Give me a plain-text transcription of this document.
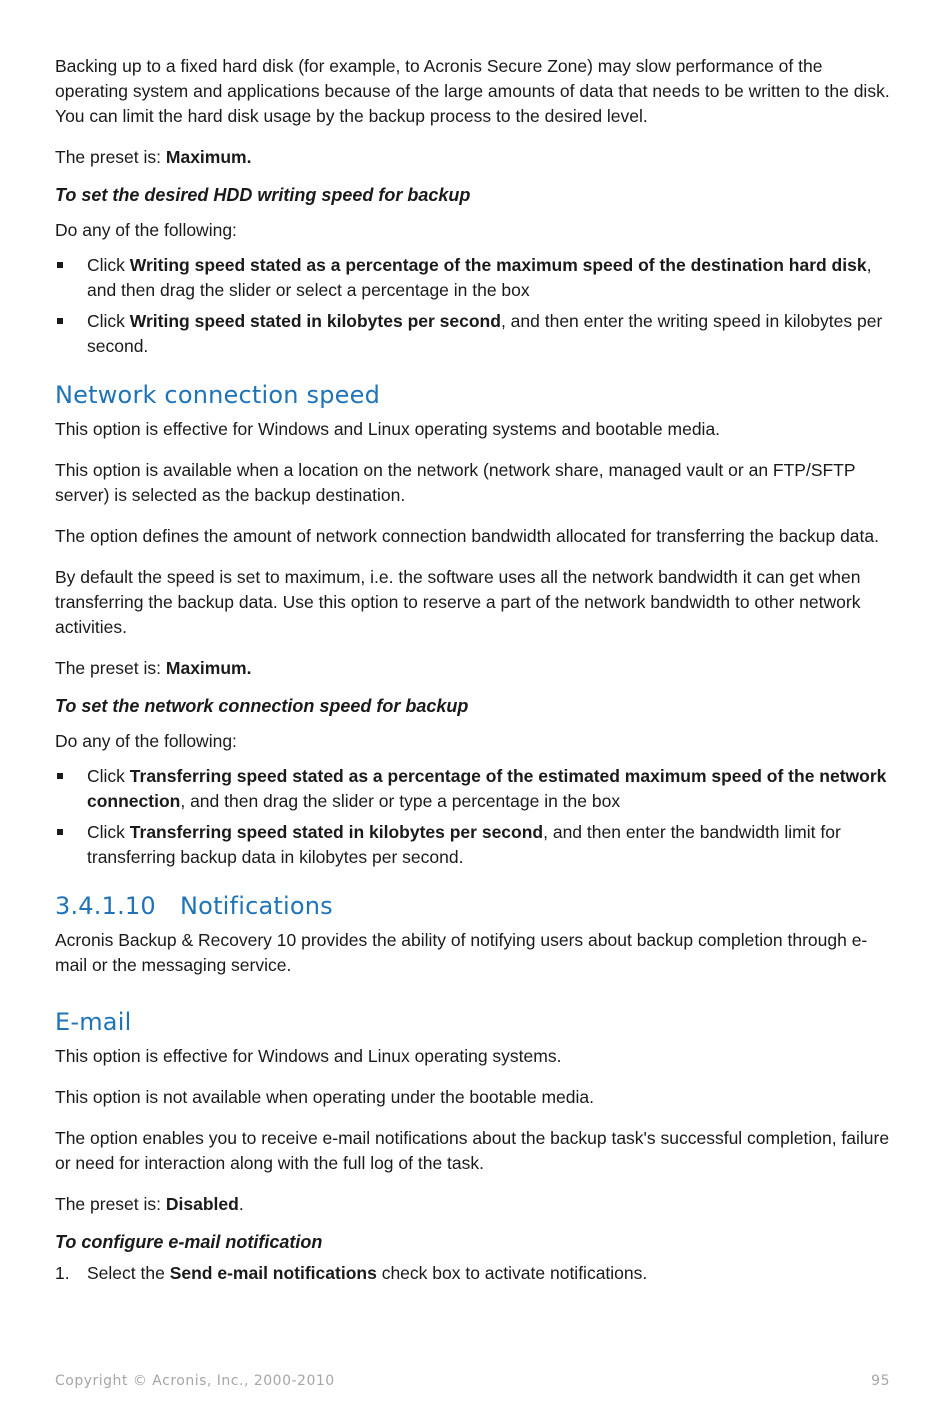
Backing up to a fixed hard disk (for example, to Acronis Secure Zone) may slow performance of the operating system and applications because of the large amounts of data that needs to be written to the disk. You can limit the hard disk usage by the backup process to the desired level.

The preset is: Maximum.

To set the desired HDD writing speed for backup

Do any of the following:

Click Writing speed stated as a percentage of the maximum speed of the destination hard disk, and then drag the slider or select a percentage in the box
Click Writing speed stated in kilobytes per second, and then enter the writing speed in kilobytes per second.
Network connection speed

This option is effective for Windows and Linux operating systems and bootable media.

This option is available when a location on the network (network share, managed vault or an FTP/SFTP server) is selected as the backup destination.

The option defines the amount of network connection bandwidth allocated for transferring the backup data.

By default the speed is set to maximum, i.e. the software uses all the network bandwidth it can get when transferring the backup data. Use this option to reserve a part of the network bandwidth to other network activities.

The preset is: Maximum.

To set the network connection speed for backup

Do any of the following:

Click Transferring speed stated as a percentage of the estimated maximum speed of the network connection, and then drag the slider or type a percentage in the box
Click Transferring speed stated in kilobytes per second, and then enter the bandwidth limit for transferring backup data in kilobytes per second.
3.4.1.10 Notifications

Acronis Backup & Recovery 10 provides the ability of notifying users about backup completion through e-mail or the messaging service.

E-mail

This option is effective for Windows and Linux operating systems.

This option is not available when operating under the bootable media.

The option enables you to receive e-mail notifications about the backup task's successful completion, failure or need for interaction along with the full log of the task.

The preset is: Disabled.

To configure e-mail notification

1. Select the Send e-mail notifications check box to activate notifications.
Copyright © Acronis, Inc., 2000-2010	95
